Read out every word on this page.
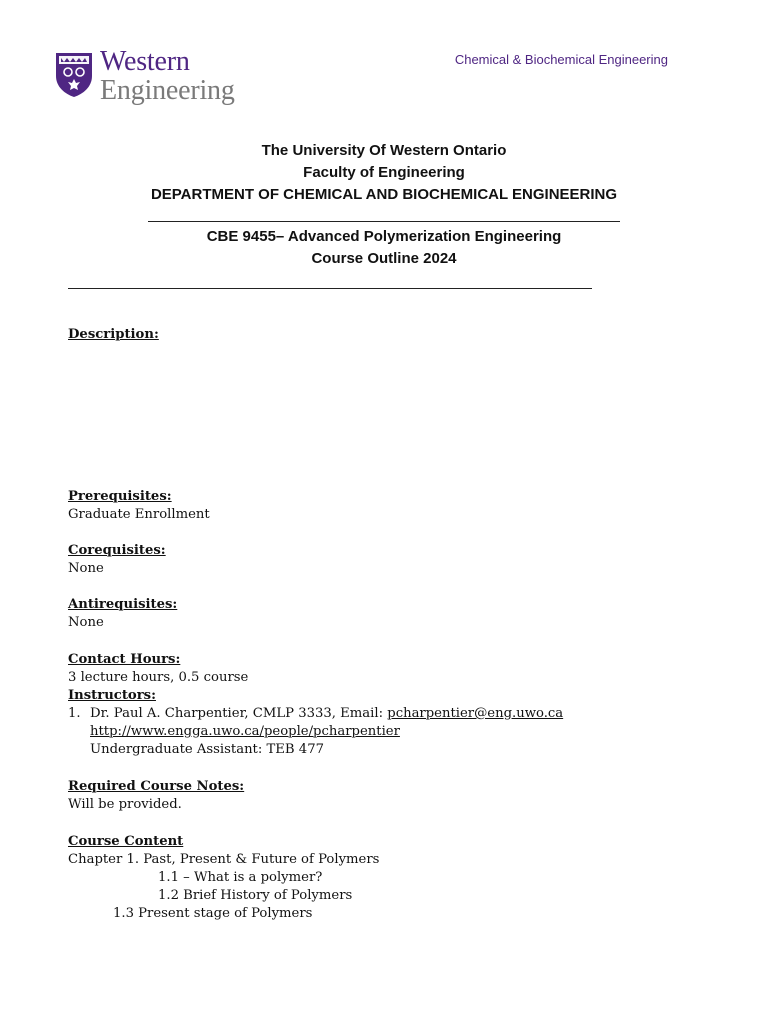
Western
Engineering
Chemical & Biochemical Engineering
The University Of Western Ontario
Faculty of Engineering
DEPARTMENT OF CHEMICAL AND BIOCHEMICAL ENGINEERING
CBE 9455– Advanced Polymerization Engineering
Course Outline 2024
Description:
Prerequisites:
Graduate Enrollment
Corequisites:
None
Antirequisites:
None
Contact Hours:
3 lecture hours, 0.5 course
Instructors:
1. Dr. Paul A. Charpentier, CMLP 3333, Email: pcharpentier@eng.uwo.ca
http://www.engga.uwo.ca/people/pcharpentier
Undergraduate Assistant: TEB 477
Required Course Notes:
Will be provided.
Course Content
Chapter 1. Past, Present & Future of Polymers
1.1 – What is a polymer?
1.2 Brief History of Polymers
1.3 Present stage of Polymers
